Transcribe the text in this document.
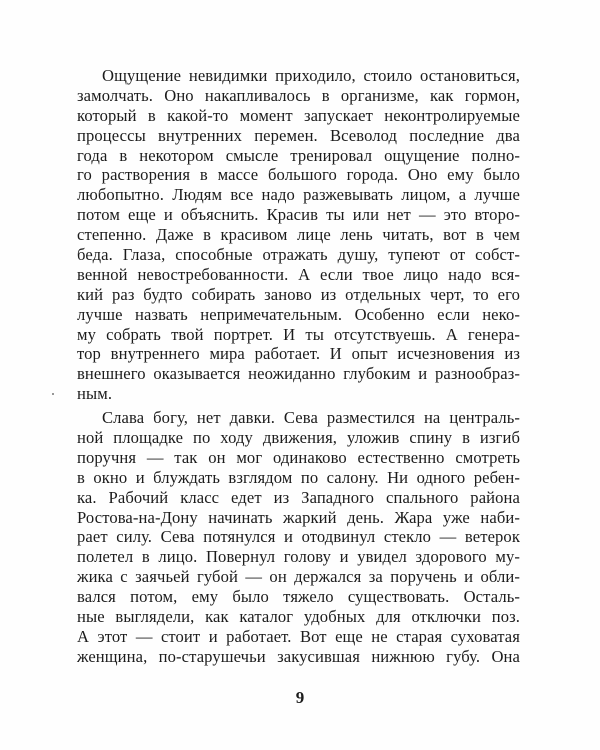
Ощущение невидимки приходило, стоило остановиться,
замолчать. Оно накапливалось в организме, как гормон,
который в какой-то момент запускает неконтролируемые
процессы внутренних перемен. Всеволод последние два
года в некотором смысле тренировал ощущение полно-
го растворения в массе большого города. Оно ему было
любопытно. Людям все надо разжевывать лицом, а лучше
потом еще и объяснить. Красив ты или нет — это второ-
степенно. Даже в красивом лице лень читать, вот в чем
беда. Глаза, способные отражать душу, тупеют от собст-
венной невостребованности. А если твое лицо надо вся-
кий раз будто собирать заново из отдельных черт, то его
лучше назвать непримечательным. Особенно если неко-
му собрать твой портрет. И ты отсутствуешь. А генера-
тор внутреннего мира работает. И опыт исчезновения из
внешнего оказывается неожиданно глубоким и разнообраз-
ным.
Слава богу, нет давки. Сева разместился на централь-
ной площадке по ходу движения, уложив спину в изгиб
поручня — так он мог одинаково естественно смотреть
в окно и блуждать взглядом по салону. Ни одного ребен-
ка. Рабочий класс едет из Западного спального района
Ростова-на-Дону начинать жаркий день. Жара уже наби-
рает силу. Сева потянулся и отодвинул стекло — ветерок
полетел в лицо. Повернул голову и увидел здорового му-
жика с заячьей губой — он держался за поручень и обли-
вался потом, ему было тяжело существовать. Осталь-
ные выглядели, как каталог удобных для отключки поз.
А этот — стоит и работает. Вот еще не старая суховатая
женщина, по-старушечьи закусившая нижнюю губу. Она
9
